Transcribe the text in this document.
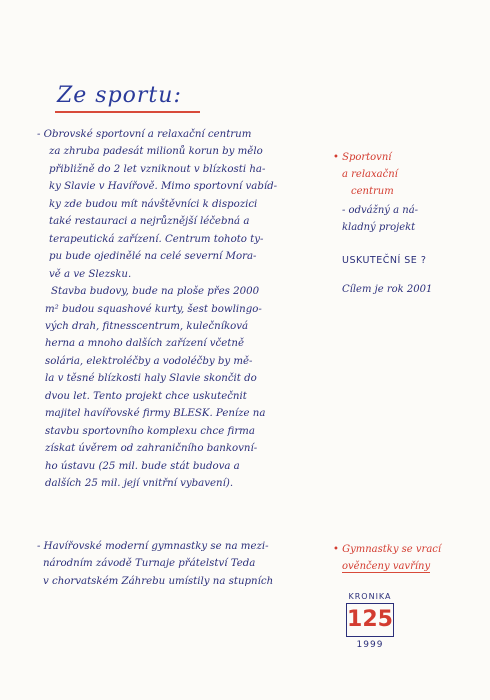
Ze sportu:

- Obrovské sportovní a relaxační centrum

za zhruba padesát milionů korun by mělo

přibližně do 2 let vzniknout v blízkosti ha-

ky Slavie v Havířově. Mimo sportovní vabíd-

ky zde budou mít návštěvníci k dispozici

také restauraci a nejrůznější léčebná a

terapeutická zařízení. Centrum tohoto ty-

pu bude ojedinělé na celé severní Mora-

vě a ve Slezsku.

Stavba budovy, bude na ploše přes 2000

m² budou squashové kurty, šest bowlingo-

vých drah, fitnesscentrum, kulečníková

herna a mnoho dalších zařízení včetně

solária, elektroléčby a vodoléčby by mě-

la v těsné blízkosti haly Slavie skončit do

dvou let. Tento projekt chce uskutečnit

majitel havířovské firmy BLESK. Peníze na

stavbu sportovního komplexu chce firma

získat úvěrem od zahraničního bankovní-

ho ústavu (25 mil. bude stát budova a

dalších 25 mil. její vnitřní vybavení).

- Havířovské moderní gymnastky se na mezi-

národním závodě Turnaje přátelství Teda

v chorvatském Záhrebu umístily na stupních

• Sportovní

a relaxační

centrum

- odvážný a ná-

kladný projekt

USKUTEČNÍ SE ?

Cílem je rok 2001

• Gymnastky se vrací

ověnčeny vavříny

KRONIKA
125
1999
